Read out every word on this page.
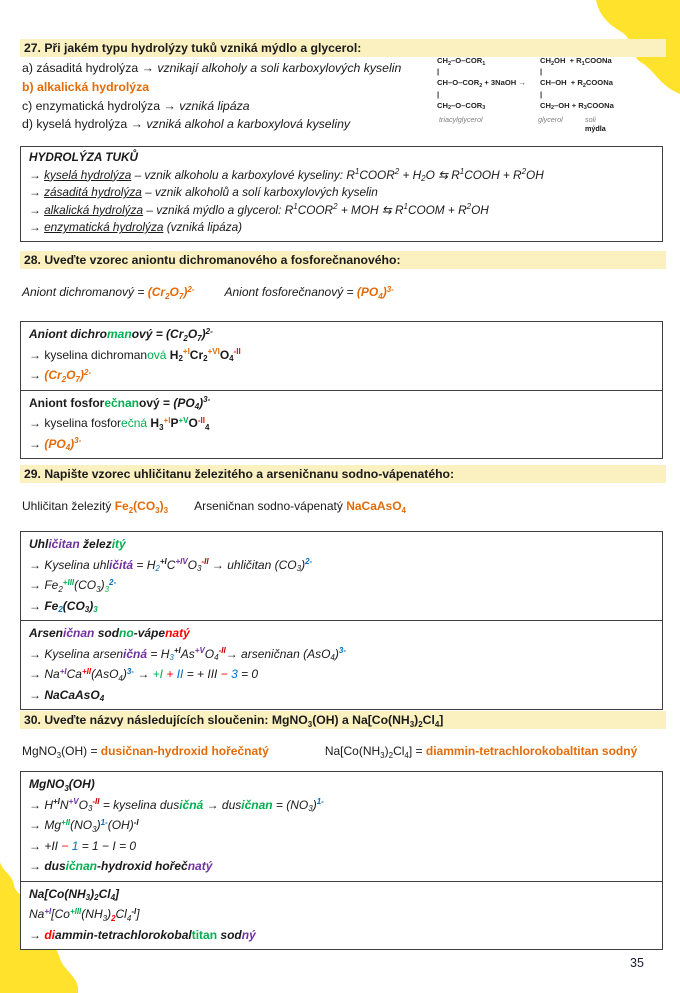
27. Při jakém typu hydrolýzy tuků vzniká mýdlo a glycerol:
a) zásaditá hydrolýza → vznikají alkoholy a soli karboxylových kyselin
b) alkalická hydrolýza
c) enzymatická hydrolýza → vzniká lipáza
d) kyselá hydrolýza → vzniká alkohol a karboxylová kyseliny
$CH_2-O-COR_1$
|
$CH-O-COR_2$ + 3NaOH →
|
$CH_2-O-COR_3$
$CH_2OH$  + $R_1COONa$
|
$CH-OH + R_2COONa$
|
$CH_2-OH$ + $R_3COONa$
triacylglycerol	glycerol	soli
mýdla
HYDROLÝZA TUKŮ
→ kyselá hydrolýza – vznik alkoholu a karboxylové kyseliny: $R^1COOR^2 + H_2O$ ⇆ $R^1COOH + R^2OH$
→ zásaditá hydrolýza – vznik alkoholů a solí karboxylových kyselin
→ alkalická hydrolýza – vzniká mýdlo a glycerol: $R^1COOR^2$ + MOH ⇆ $R^1COOM + R^2OH$
→ enzymatická hydrolýza (vzniká lipáza)
28. Uveďte vzorec aniontu dichromanového a fosforečnanového:
Aniont dichromanový = $(Cr_2O_7)^{2-}$	Aniont fosforečnanový = $(PO_4)^{3-}$
Aniont dichromanový = $(Cr_2O_7)^{2-}$
→ kyselina dichromanová $H_2^{+I}Cr_2^{+VI}O_4^{-II}$
→ $(Cr_2O_7)^{2-}$
Aniont fosforečnanový = $(PO_4)^{3-}$
→ kyselina fosforečná $H_3^{+I}P^{+V}O^{-II}_4$
→ $(PO_4)^{3-}$
29. Napište vzorec uhličitanu železitého a arseničnanu sodno-vápenatého:
Uhličitan železitý $Fe_2(CO_3)_3$ Arseničnan sodno-vápenatý NaCaAsO$_4$
Uhličitan železitý
→ Kyselina uhličitá = $H_2^{+I}C^{+IV}O_3^{-II}$ → uhličitan $(CO_3)^{2-}$
→ $Fe_2^{+III}(CO_3)_3^{2-}$
→ $Fe_2(CO_3)_3$
Arseničnan sodno-vápenatý
→ Kyselina arseničná = $H_3^{+I}As^{+V}O_4^{-II}\to$ arseničnan $(AsO_4)^{3-}$
→ $Na^{+I}Ca^{+II}(AsO_4)^{3-} \to +I$ + II = + III − 3 = 0
→ NaCaAsO$_4$
30. Uveďte názvy následujících sloučenin: MgNO$_3$(OH) a $Na[Co(NH_3)_2Cl_4]$
MgNO$_3$(OH) = dusičnan-hydroxid hořečnatý	$Na[Co(NH_3)_2Cl_4]$ = diammin-tetrachlorokobaltitan sodný
MgNO$_3$(OH)
→ $H^{+I}N^{+V}O_3^{-II}$ = kyselina dusičná → dusičnan = $(NO_3)^{1-}$
→ $Mg^{+II}(NO_3)^{1-}(OH)^{-I}$
→ +II − 1 = 1 − I = 0
→ dusičnan-hydroxid hořečnatý
$Na[Co(NH_3)_2Cl_4]$
$Na^{+I}[Co^{+III}(NH_3)_2Cl_4^{-I}]$
→ diammin-tetrachlorokobaltitan sodný
35
